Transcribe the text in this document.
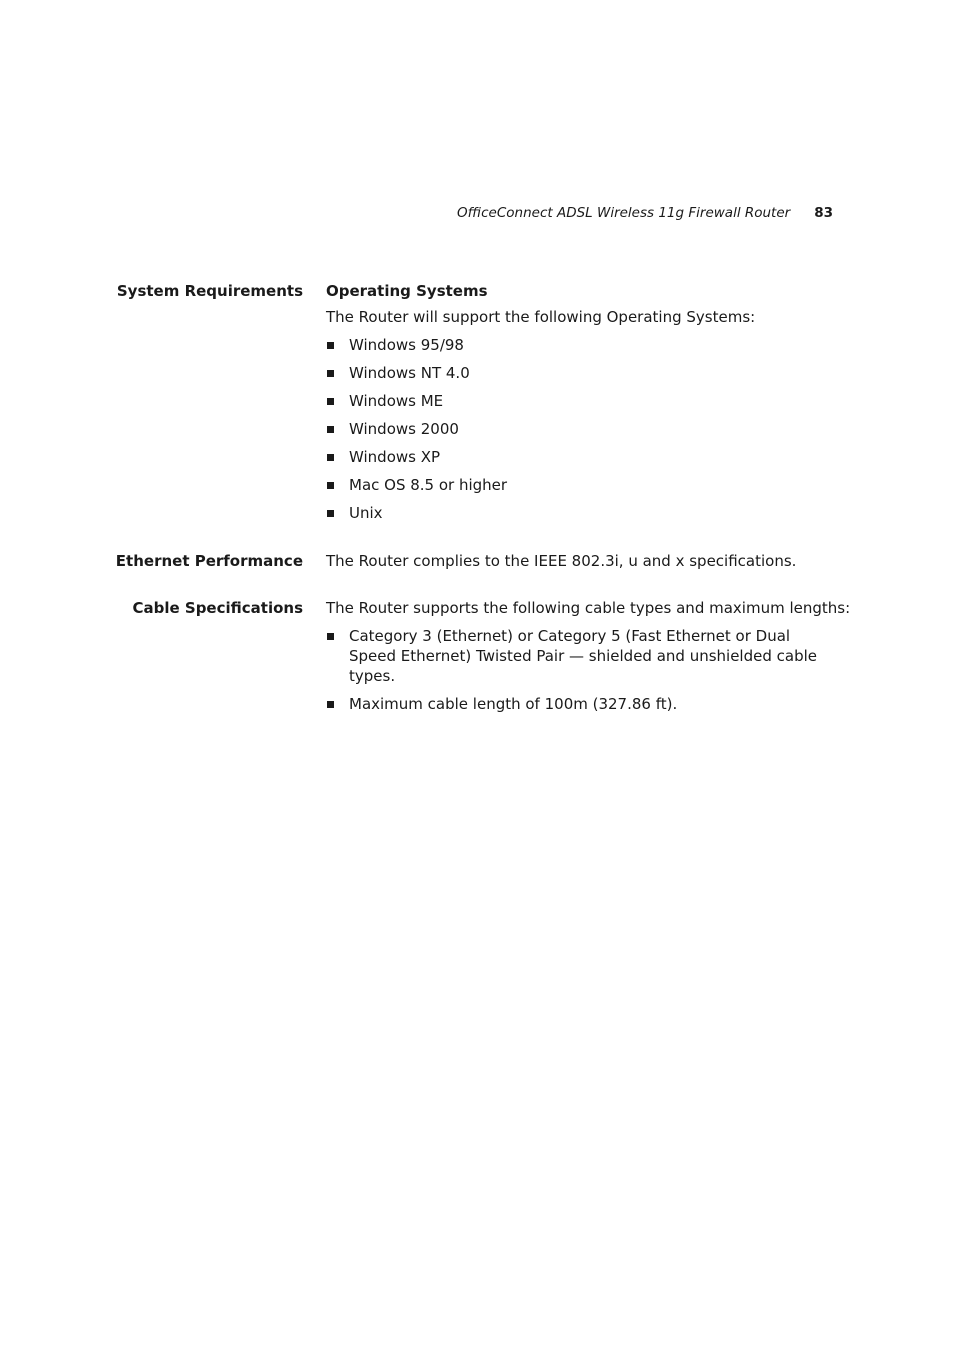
OfficeConnect ADSL Wireless 11g Firewall Router 83
System Requirements Operating Systems

The Router will support the following Operating Systems:

Windows 95/98
Windows NT 4.0
Windows ME
Windows 2000
Windows XP
Mac OS 8.5 or higher
Unix
Ethernet Performance The Router complies to the IEEE 802.3i, u and x specifications.

Cable Specifications The Router supports the following cable types and maximum lengths:

Category 3 (Ethernet) or Category 5 (Fast Ethernet or Dual Speed Ethernet) Twisted Pair — shielded and unshielded cable types.
Maximum cable length of 100m (327.86 ft).
